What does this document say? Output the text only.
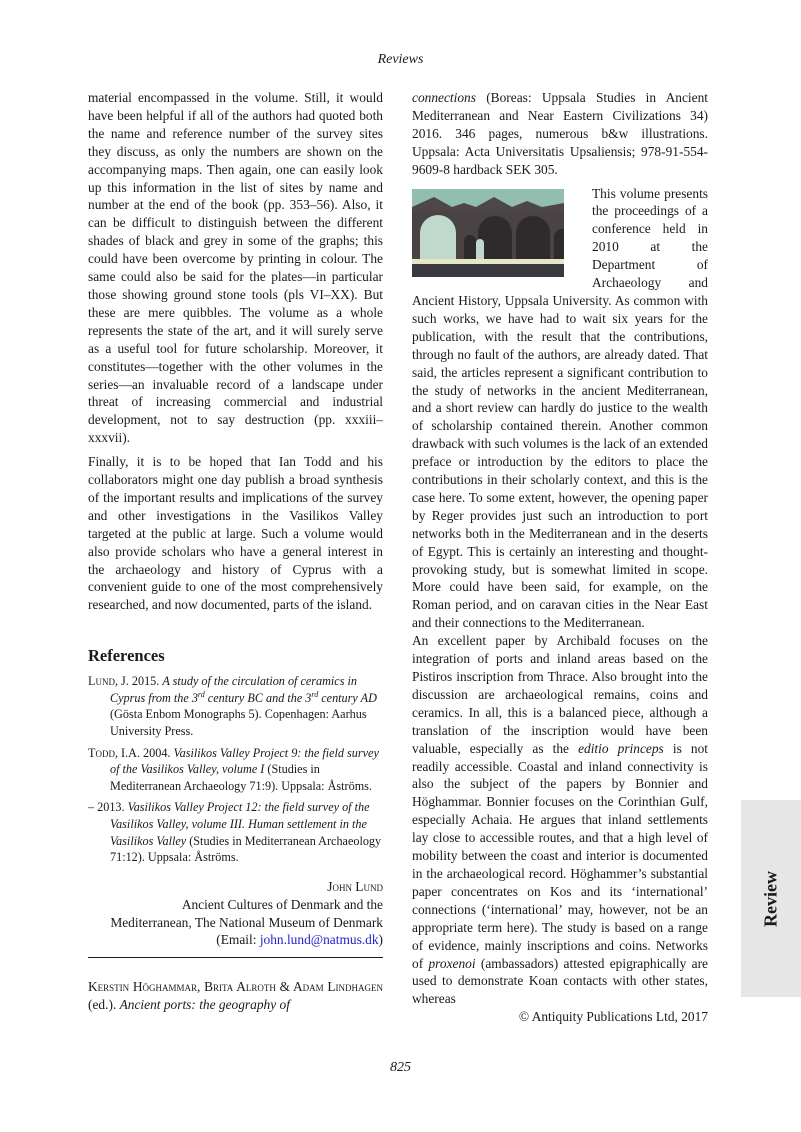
Reviews

material encompassed in the volume. Still, it would have been helpful if all of the authors had quoted both the name and reference number of the survey sites they discuss, as only the numbers are shown on the accompanying maps. Then again, one can easily look up this information in the list of sites by name and number at the end of the book (pp. 353–56). Also, it can be difficult to distinguish between the different shades of black and grey in some of the graphs; this could have been overcome by printing in colour. The same could also be said for the plates—in particular those showing ground stone tools (pls VI–XX). But these are mere quibbles. The volume as a whole represents the state of the art, and it will surely serve as a useful tool for future scholarship. Moreover, it constitutes—together with the other volumes in the series—an invaluable record of a landscape under threat of increasing commercial and industrial development, not to say destruction (pp. xxxiii–xxxvii).

Finally, it is to be hoped that Ian Todd and his collaborators might one day publish a broad synthesis of the important results and implications of the survey and other investigations in the Vasilikos Valley targeted at the public at large. Such a volume would also provide scholars who have a general interest in the archaeology and history of Cyprus with a convenient guide to one of the most comprehensively researched, and now documented, parts of the island.

References
Lund, J. 2015. A study of the circulation of ceramics in Cyprus from the 3rd century BC and the 3rd century AD (Gösta Enbom Monographs 5). Copenhagen: Aarhus University Press.
Todd, I.A. 2004. Vasilikos Valley Project 9: the field survey of the Vasilikos Valley, volume I (Studies in Mediterranean Archaeology 71:9). Uppsala: Åströms.
– 2013. Vasilikos Valley Project 12: the field survey of the Vasilikos Valley, volume III. Human settlement in the Vasilikos Valley (Studies in Mediterranean Archaeology 71:12). Uppsala: Åströms.
John Lund
Ancient Cultures of Denmark and the
Mediterranean, The National Museum of Denmark
(Email: john.lund@natmus.dk)

Kerstin Höghammar, Brita Alroth & Adam Lindhagen (ed.). Ancient ports: the geography of

connections (Boreas: Uppsala Studies in Ancient Mediterranean and Near Eastern Civilizations 34) 2016. 346 pages, numerous b&w illustrations. Uppsala: Acta Universitatis Upsaliensis; 978-91-554-9609-8 hardback SEK 305.

This volume presents the proceedings of a conference held in 2010 at the Department of Archaeology and Ancient History, Uppsala University. As common with such works, we have had to wait six years for the publication, with the result that the contributions, through no fault of the authors, are already dated. That said, the articles represent a significant contribution to the study of networks in the ancient Mediterranean, and a short review can hardly do justice to the wealth of scholarship contained therein. Another common drawback with such volumes is the lack of an extended preface or introduction by the editors to place the contributions in their scholarly context, and this is the case here. To some extent, however, the opening paper by Reger provides just such an introduction to port networks both in the Mediterranean and in the deserts of Egypt. This is certainly an interesting and thought-provoking study, but is somewhat limited in scope. More could have been said, for example, on the Roman period, and on caravan cities in the Near East and their connections to the Mediterranean.

An excellent paper by Archibald focuses on the integration of ports and inland areas based on the Pistiros inscription from Thrace. Also brought into the discussion are archaeological remains, coins and ceramics. In all, this is a balanced piece, although a translation of the inscription would have been valuable, especially as the editio princeps is not readily accessible. Coastal and inland connectivity is also the subject of the papers by Bonnier and Höghammar. Bonnier focuses on the Corinthian Gulf, especially Achaia. He argues that inland settlements lay close to accessible routes, and that a high level of mobility between the coast and interior is documented in the archaeological record. Höghammer’s substantial paper concentrates on Kos and its ‘international’ connections (‘international’ may, however, not be an appropriate term here). The study is based on a range of evidence, mainly inscriptions and coins. Networks of proxenoi (ambassadors) attested epigraphically are used to demonstrate Koan contacts with other states, whereas

© Antiquity Publications Ltd, 2017
Review
825
